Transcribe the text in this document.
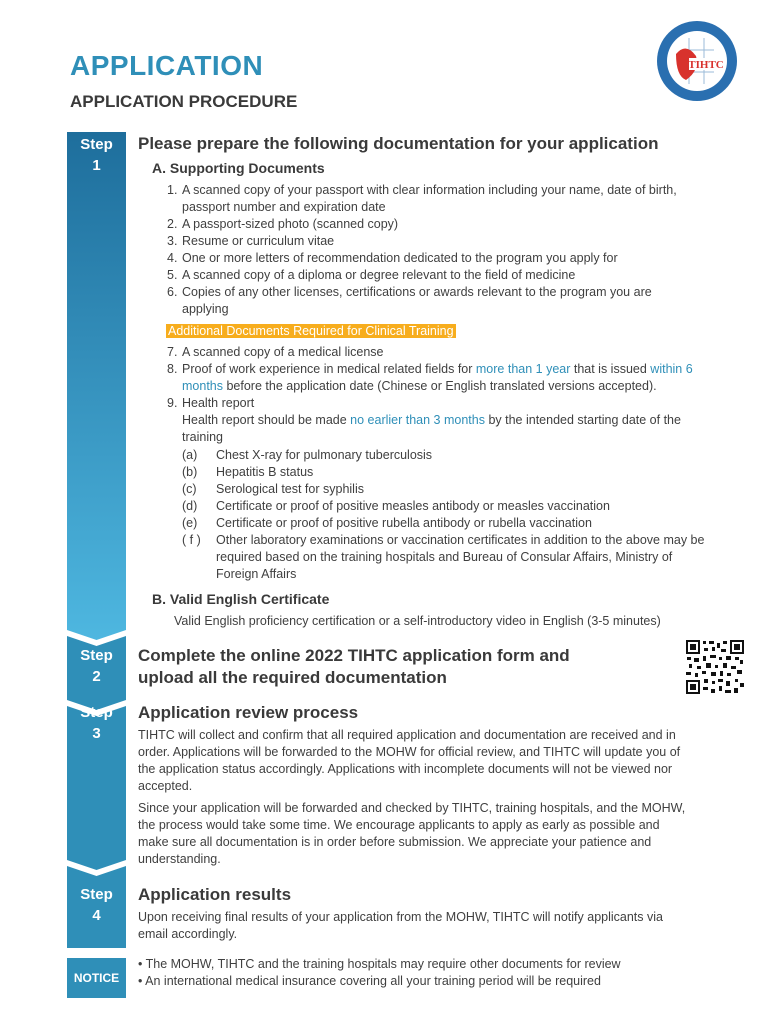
APPLICATION
APPLICATION PROCEDURE
TIHTC
Step
1
Step
2
Step
3
Step
4
Please prepare the following documentation for your application
A. Supporting Documents
1. A scanned copy of your passport with clear information including your name, date of birth,
passport number and expiration date
2. A passport-sized photo (scanned copy)
3. Resume or curriculum vitae
4. One or more letters of recommendation dedicated to the program you apply for
5. A scanned copy of a diploma or degree relevant to the field of medicine
6. Copies of any other licenses, certifications or awards relevant to the program you are
applying
Additional Documents Required for Clinical Training
7. A scanned copy of a medical license
8. Proof of work experience in medical related fields for more than 1 year that is issued within 6
months before the application date (Chinese or English translated versions accepted).
9. Health report
Health report should be made no earlier than 3 months by the intended starting date of the
training
(a) Chest X-ray for pulmonary tuberculosis
(b) Hepatitis B status
(c) Serological test for syphilis
(d) Certificate or proof of positive measles antibody or measles vaccination
(e) Certificate or proof of positive rubella antibody or rubella vaccination
( f ) Other laboratory examinations or vaccination certificates in addition to the above may be
required based on the training hospitals and Bureau of Consular Affairs, Ministry of
Foreign Affairs
B. Valid English Certificate
Valid English proficiency certification or a self-introductory video in English (3-5 minutes)
Complete the online 2022 TIHTC application form and
upload all the required documentation
Application review process
TIHTC will collect and confirm that all required application and documentation are received and in
order. Applications will be forwarded to the MOHW for official review, and TIHTC will update you of
the application status accordingly. Applications with incomplete documents will not be viewed nor
accepted.
Since your application will be forwarded and checked by TIHTC, training hospitals, and the MOHW,
the process would take some time. We encourage applicants to apply as early as possible and
make sure all documentation is in order before submission. We appreciate your patience and
understanding.
Application results
Upon receiving final results of your application from the MOHW, TIHTC will notify applicants via
email accordingly.
NOTICE
• The MOHW, TIHTC and the training hospitals may require other documents for review
• An international medical insurance covering all your training period will be required
